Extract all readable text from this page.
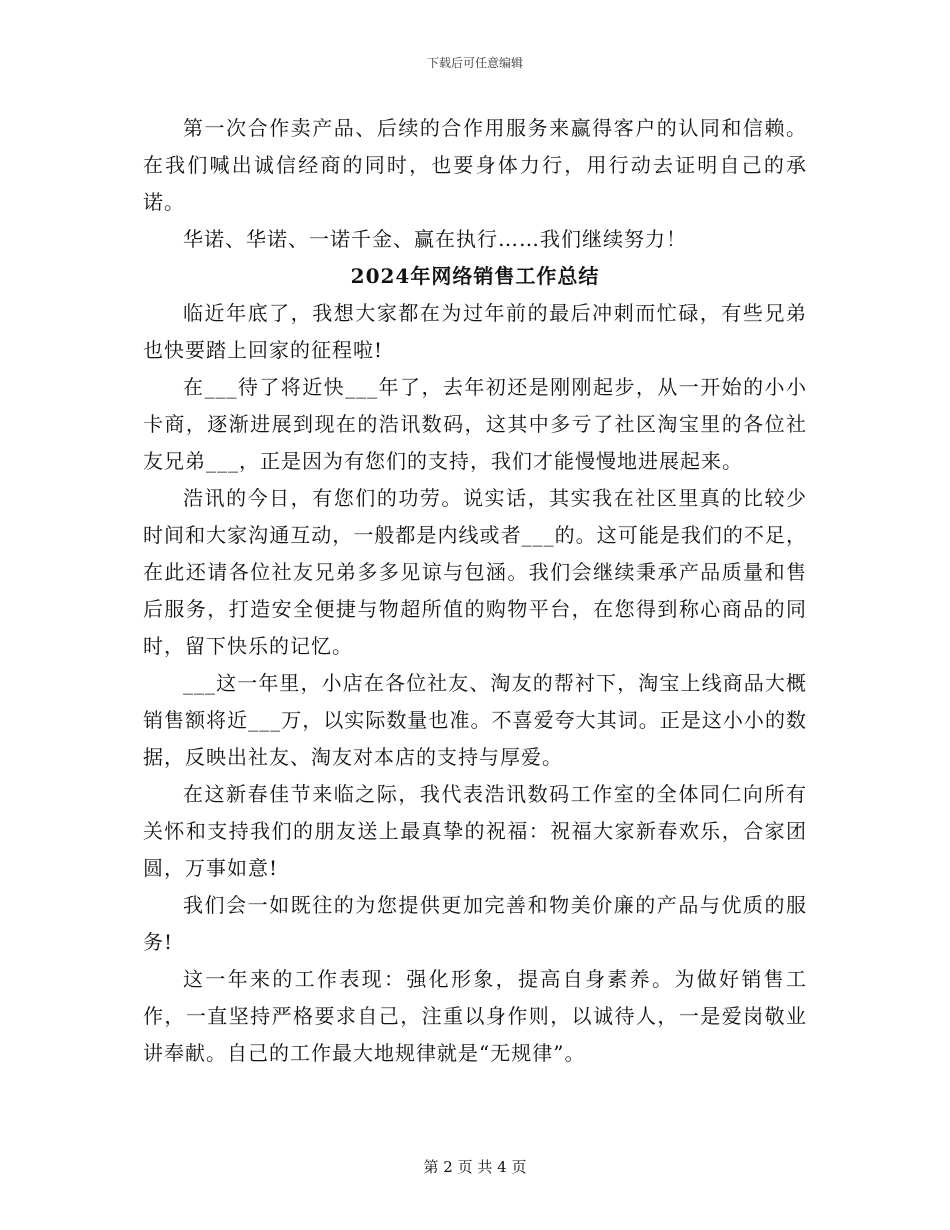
下载后可任意编辑

第一次合作卖产品、后续的合作用服务来赢得客户的认同和信赖。在我们喊出诚信经商的同时，也要身体力行，用行动去证明自己的承诺。

华诺、华诺、一诺千金、赢在执行……我们继续努力！

2024年网络销售工作总结

临近年底了，我想大家都在为过年前的最后冲刺而忙碌，有些兄弟也快要踏上回家的征程啦!

在___待了将近快___年了，去年初还是刚刚起步，从一开始的小小卡商，逐渐进展到现在的浩讯数码，这其中多亏了社区淘宝里的各位社友兄弟___，正是因为有您们的支持，我们才能慢慢地进展起来。

浩讯的今日，有您们的功劳。说实话，其实我在社区里真的比较少时间和大家沟通互动，一般都是内线或者___的。这可能是我们的不足，在此还请各位社友兄弟多多见谅与包涵。我们会继续秉承产品质量和售后服务，打造安全便捷与物超所值的购物平台，在您得到称心商品的同时，留下快乐的记忆。

___这一年里，小店在各位社友、淘友的帮衬下，淘宝上线商品大概销售额将近___万，以实际数量也准。不喜爱夸大其词。正是这小小的数据，反映出社友、淘友对本店的支持与厚爱。

在这新春佳节来临之际，我代表浩讯数码工作室的全体同仁向所有关怀和支持我们的朋友送上最真挚的祝福：祝福大家新春欢乐，合家团圆，万事如意!

我们会一如既往的为您提供更加完善和物美价廉的产品与优质的服务!

这一年来的工作表现：强化形象，提高自身素养。为做好销售工作，一直坚持严格要求自己，注重以身作则，以诚待人，一是爱岗敬业讲奉献。自己的工作最大地规律就是“无规律”。

第 2 页 共 4 页
